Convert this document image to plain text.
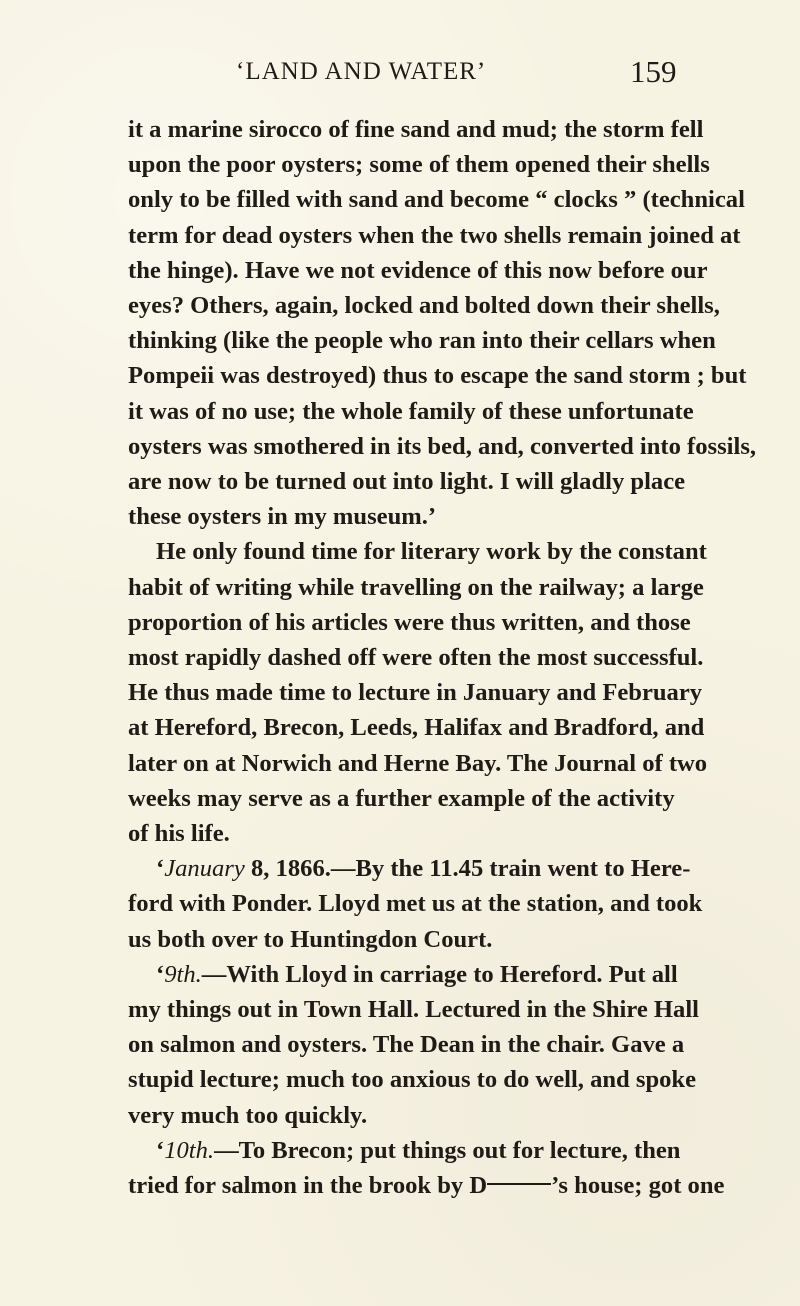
‘LAND AND WATER’	159
it a marine sirocco of fine sand and mud; the storm fell
upon the poor oysters; some of them opened their shells
only to be filled with sand and become “ clocks ” (technical
term for dead oysters when the two shells remain joined at
the hinge). Have we not evidence of this now before our
eyes? Others, again, locked and bolted down their shells,
thinking (like the people who ran into their cellars when
Pompeii was destroyed) thus to escape the sand storm ; but
it was of no use; the whole family of these unfortunate
oysters was smothered in its bed, and, converted into fossils,
are now to be turned out into light. I will gladly place
these oysters in my museum.’
He only found time for literary work by the constant
habit of writing while travelling on the railway; a large
proportion of his articles were thus written, and those
most rapidly dashed off were often the most successful.
He thus made time to lecture in January and February
at Hereford, Brecon, Leeds, Halifax and Bradford, and
later on at Norwich and Herne Bay. The Journal of two
weeks may serve as a further example of the activity
of his life.
‘January 8, 1866.—By the 11.45 train went to Here-
ford with Ponder. Lloyd met us at the station, and took
us both over to Huntingdon Court.
‘9th.—With Lloyd in carriage to Hereford. Put all
my things out in Town Hall. Lectured in the Shire Hall
on salmon and oysters. The Dean in the chair. Gave a
stupid lecture; much too anxious to do well, and spoke
very much too quickly.
‘10th.—To Brecon; put things out for lecture, then
tried for salmon in the brook by D	’s house; got one
